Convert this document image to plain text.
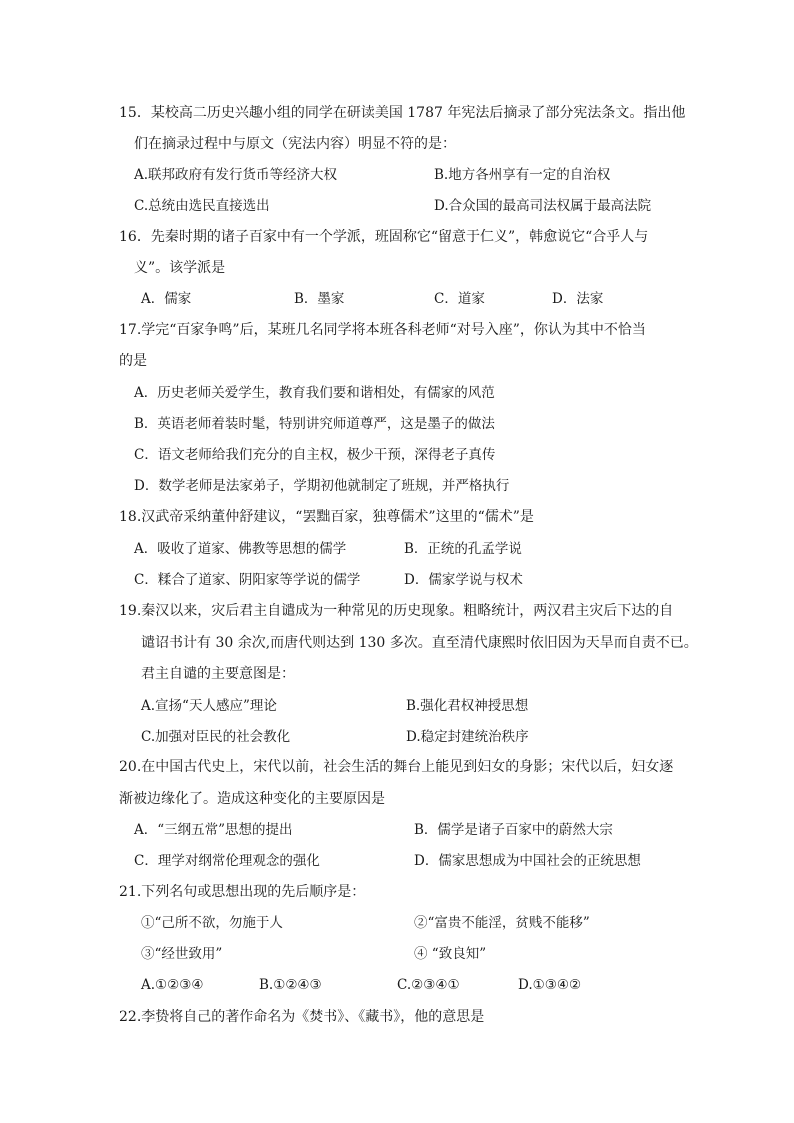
15．某校高二历史兴趣小组的同学在研读美国 1787 年宪法后摘录了部分宪法条文。指出他
们在摘录过程中与原文（宪法内容）明显不符的是：
A.联邦政府有发行货币等经济大权	B.地方各州享有一定的自治权
C.总统由选民直接选出	D.合众国的最高司法权属于最高法院
16．先秦时期的诸子百家中有一个学派，班固称它“留意于仁义”，韩愈说它“合乎人与
义”。该学派是
A．儒家	B．墨家	C．道家	D．法家
17.学完“百家争鸣”后，某班几名同学将本班各科老师“对号入座”，你认为其中不恰当
的是
A．历史老师关爱学生，教育我们要和谐相处，有儒家的风范
B．英语老师着装时髦，特别讲究师道尊严，这是墨子的做法
C．语文老师给我们充分的自主权，极少干预，深得老子真传
D．数学老师是法家弟子，学期初他就制定了班规，并严格执行
18.汉武帝采纳董仲舒建议，“罢黜百家，独尊儒术”这里的“儒术”是
A．吸收了道家、佛教等思想的儒学	B．正统的孔孟学说
C．糅合了道家、阴阳家等学说的儒学	D．儒家学说与权术
19.秦汉以来，灾后君主自谴成为一种常见的历史现象。粗略统计，两汉君主灾后下达的自
谴诏书计有 30 余次,而唐代则达到 130 多次。直至清代康熙时依旧因为天旱而自责不已。
君主自谴的主要意图是：
A.宣扬“天人感应”理论	B.强化君权神授思想
C.加强对臣民的社会教化	D.稳定封建统治秩序
20.在中国古代史上，宋代以前，社会生活的舞台上能见到妇女的身影；宋代以后，妇女逐
渐被边缘化了。造成这种变化的主要原因是
A．“三纲五常”思想的提出	B．儒学是诸子百家中的蔚然大宗
C．理学对纲常伦理观念的强化	D．儒家思想成为中国社会的正统思想
21.下列名句或思想出现的先后顺序是：
①“己所不欲，勿施于人	②“富贵不能淫，贫贱不能移”
③“经世致用”	④ “致良知”
A.①②③④	B.①②④③	C.②③④①	D.①③④②
22.李贽将自己的著作命名为《焚书》、《藏书》，他的意思是
